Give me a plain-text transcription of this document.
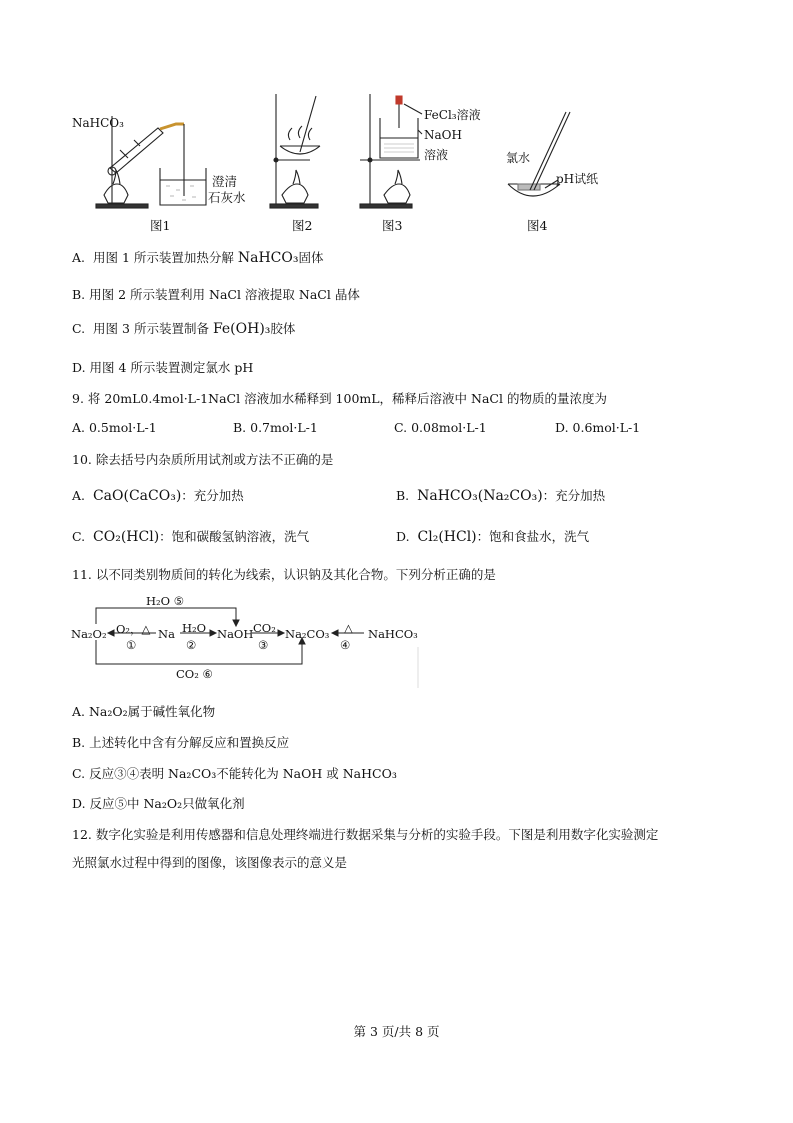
NaHCO₃
澄清
石灰水
FeCl₃溶液
NaOH
溶液	氯水
pH试纸
图1	图2	图3	图4
A. 用图 1 所示装置加热分解 NaHCO₃固体
B. 用图 2 所示装置利用 NaCl 溶液提取 NaCl 晶体
C. 用图 3 所示装置制备 Fe(OH)₃胶体
D. 用图 4 所示装置测定氯水 pH
9. 将 20mL0.4mol·L-1NaCl 溶液加水稀释到 100mL，稀释后溶液中 NaCl 的物质的量浓度为
A. 0.5mol·L-1	B. 0.7mol·L-1	C. 0.08mol·L-1	D. 0.6mol·L-1
10. 除去括号内杂质所用试剂或方法不正确的是
A. CaO(CaCO₃)：充分加热	B. NaHCO₃(Na₂CO₃)：充分加热
C. CO₂(HCl)：饱和碳酸氢钠溶液，洗气	D. Cl₂(HCl)：饱和食盐水，洗气
11. 以不同类别物质间的转化为线索，认识钠及其化合物。下列分析正确的是
Na₂O₂	Na	NaOH	Na₂CO₃	NaHCO₃
H₂O ⑤
CO₂ ⑥
O₂，△
①
H₂O
②
CO₂
③
△
④
A. Na₂O₂属于碱性氧化物
B. 上述转化中含有分解反应和置换反应
C. 反应③④表明 Na₂CO₃不能转化为 NaOH 或 NaHCO₃
D. 反应⑤中 Na₂O₂只做氧化剂
12. 数字化实验是利用传感器和信息处理终端进行数据采集与分析的实验手段。下图是利用数字化实验测定
光照氯水过程中得到的图像，该图像表示的意义是
第 3 页/共 8 页
